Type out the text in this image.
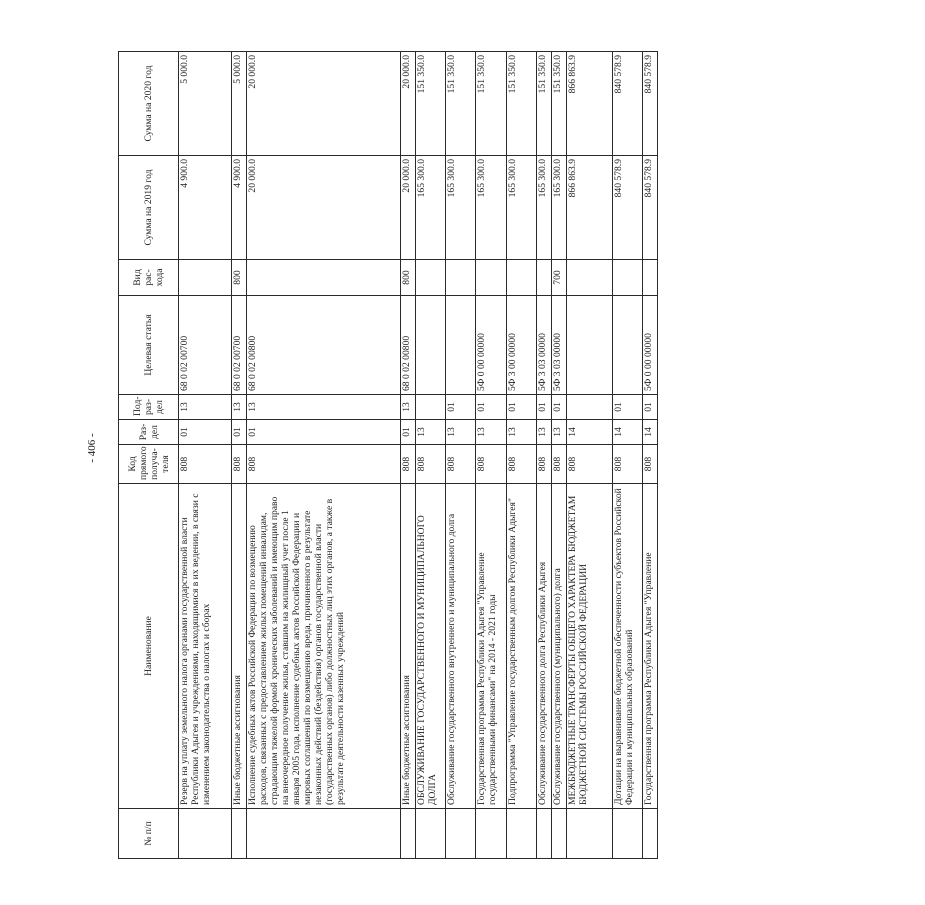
- 406 -
№ п/п	Наименование	Код прямого получа- теля	Раз- дел	Под- раз- дел	Целевая статья	Вид рас- хода	Сумма на 2019 год	Сумма на 2020 год
	Резерв на уплату земельного налога органами государственной власти Республики Адыгея и учреждениями, находящимися в их ведении, в связи с изменением законодательства о налогах и сборах	808	01	13	68 0 02 00700		4 900.0	5 000.0
	Иные бюджетные ассигнования	808	01	13	68 0 02 00700	800	4 900.0	5 000.0
	Исполнение судебных актов Российской Федерации по возмещению расходов, связанных с предоставлением жилых помещений инвалидам, страдающим тяжелой формой хронических заболеваний и имеющим право на внеочередное получение жилья, ставшим на жилищный учет после 1 января 2005 года, исполнение судебных актов Российской Федерации и мировых соглашений по возмещению вреда, причиненного в результате незаконных действий (бездействия) органов государственной власти (государственных органов) либо должностных лиц этих органов, а также в результате деятельности казенных учреждений	808	01	13	68 0 02 00800		20 000.0	20 000.0
	Иные бюджетные ассигнования	808	01	13	68 0 02 00800	800	20 000.0	20 000.0
	ОБСЛУЖИВАНИЕ ГОСУДАРСТВЕННОГО И МУНИЦИПАЛЬНОГО ДОЛГА	808	13				165 300.0	151 350.0
	Обслуживание государственного внутреннего и муниципального долга	808	13	01			165 300.0	151 350.0
	Государственная программа Республики Адыгея "Управление государственными финансами" на 2014 - 2021 годы	808	13	01	5Ф 0 00 00000		165 300.0	151 350.0
	Подпрограмма "Управление государственным долгом Республики Адыгея"	808	13	01	5Ф 3 00 00000		165 300.0	151 350.0
	Обслуживание государственного долга Республики Адыгея	808	13	01	5Ф 3 03 00000		165 300.0	151 350.0
	Обслуживание государственного (муниципального) долга	808	13	01	5Ф 3 03 00000	700	165 300.0	151 350.0
	МЕЖБЮДЖЕТНЫЕ ТРАНСФЕРТЫ ОБЩЕГО ХАРАКТЕРА БЮДЖЕТАМ БЮДЖЕТНОЙ СИСТЕМЫ РОССИЙСКОЙ ФЕДЕРАЦИИ	808	14				866 863.9	866 863.9
	Дотации на выравнивание бюджетной обеспеченности субъектов Российской Федерации и муниципальных образований	808	14	01			840 578.9	840 578.9
	Государственная программа Республики Адыгея "Управление	808	14	01	5Ф 0 00 00000		840 578.9	840 578.9
